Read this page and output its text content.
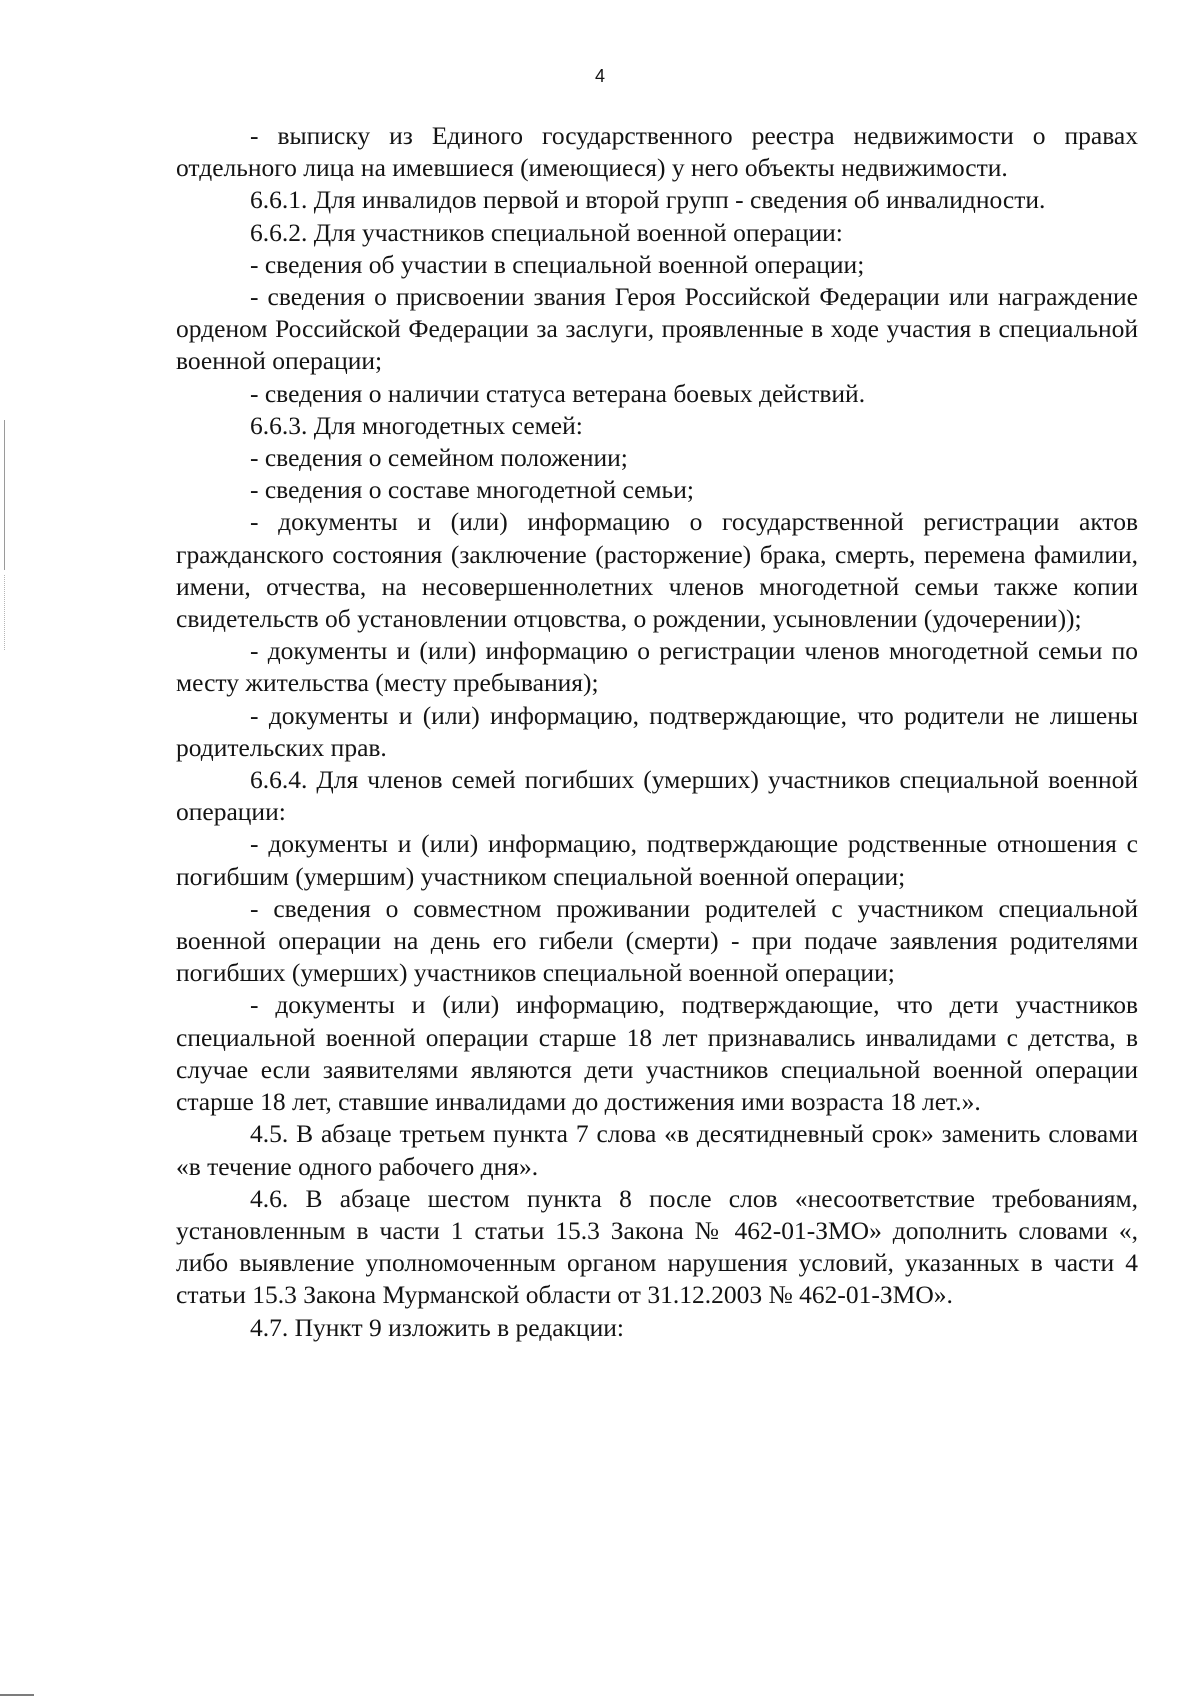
4

- выписку из Единого государственного реестра недвижимости о правах отдельного лица на имевшиеся (имеющиеся) у него объекты недвижимости.

6.6.1. Для инвалидов первой и второй групп - сведения об инвалидности.

6.6.2. Для участников специальной военной операции:

- сведения об участии в специальной военной операции;

- сведения о присвоении звания Героя Российской Федерации или награждение орденом Российской Федерации за заслуги, проявленные в ходе участия в специальной военной операции;

- сведения о наличии статуса ветерана боевых действий.

6.6.3. Для многодетных семей:

- сведения о семейном положении;

- сведения о составе многодетной семьи;

- документы и (или) информацию о государственной регистрации актов гражданского состояния (заключение (расторжение) брака, смерть, перемена фамилии, имени, отчества, на несовершеннолетних членов многодетной семьи также копии свидетельств об установлении отцовства, о рождении, усыновлении (удочерении));

- документы и (или) информацию о регистрации членов многодетной семьи по месту жительства (месту пребывания);

- документы и (или) информацию, подтверждающие, что родители не лишены родительских прав.

6.6.4. Для членов семей погибших (умерших) участников специальной военной операции:

- документы и (или) информацию, подтверждающие родственные отношения с погибшим (умершим) участником специальной военной операции;

- сведения о совместном проживании родителей с участником специальной военной операции на день его гибели (смерти) - при подаче заявления родителями погибших (умерших) участников специальной военной операции;

- документы и (или) информацию, подтверждающие, что дети участников специальной военной операции старше 18 лет признавались инвалидами с детства, в случае если заявителями являются дети участников специальной военной операции старше 18 лет, ставшие инвалидами до достижения ими возраста 18 лет.».

4.5. В абзаце третьем пункта 7 слова «в десятидневный срок» заменить словами «в течение одного рабочего дня».

4.6. В абзаце шестом пункта 8 после слов «несоответствие требованиям, установленным в части 1 статьи 15.3 Закона № 462-01-ЗМО» дополнить словами «, либо выявление уполномоченным органом нарушения условий, указанных в части 4 статьи 15.3 Закона Мурманской области от 31.12.2003 № 462-01-ЗМО».

4.7. Пункт 9 изложить в редакции:
